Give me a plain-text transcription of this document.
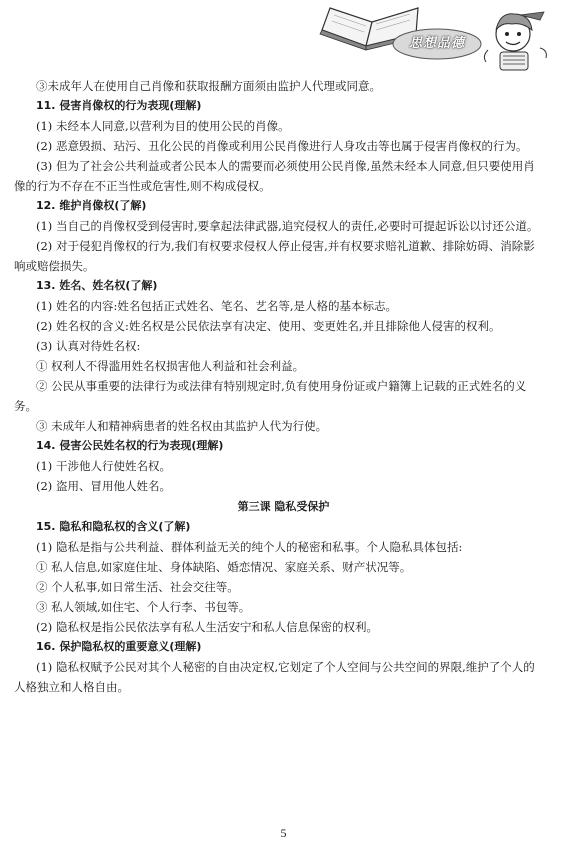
思想品德

③未成年人在使用自己肖像和获取报酬方面须由监护人代理或同意。

11. 侵害肖像权的行为表现(理解)

(1) 未经本人同意,以营利为目的使用公民的肖像。

(2) 恶意毁损、玷污、丑化公民的肖像或利用公民肖像进行人身攻击等也属于侵害肖像权的行为。

(3) 但为了社会公共利益或者公民本人的需要而必须使用公民肖像,虽然未经本人同意,但只要使用肖像的行为不存在不正当性或危害性,则不构成侵权。

12. 维护肖像权(了解)

(1) 当自己的肖像权受到侵害时,要拿起法律武器,追究侵权人的责任,必要时可提起诉讼以讨还公道。

(2) 对于侵犯肖像权的行为,我们有权要求侵权人停止侵害,并有权要求赔礼道歉、排除妨碍、消除影响或赔偿损失。

13. 姓名、姓名权(了解)

(1) 姓名的内容:姓名包括正式姓名、笔名、艺名等,是人格的基本标志。

(2) 姓名权的含义:姓名权是公民依法享有决定、使用、变更姓名,并且排除他人侵害的权利。

(3) 认真对待姓名权:

① 权利人不得滥用姓名权损害他人利益和社会利益。

② 公民从事重要的法律行为或法律有特别规定时,负有使用身份证或户籍簿上记载的正式姓名的义务。

③ 未成年人和精神病患者的姓名权由其监护人代为行使。

14. 侵害公民姓名权的行为表现(理解)

(1) 干涉他人行使姓名权。

(2) 盗用、冒用他人姓名。

第三课 隐私受保护

15. 隐私和隐私权的含义(了解)

(1) 隐私是指与公共利益、群体利益无关的纯个人的秘密和私事。个人隐私具体包括:

① 私人信息,如家庭住址、身体缺陷、婚恋情况、家庭关系、财产状况等。

② 个人私事,如日常生活、社会交往等。

③ 私人领域,如住宅、个人行李、书包等。

(2) 隐私权是指公民依法享有私人生活安宁和私人信息保密的权利。

16. 保护隐私权的重要意义(理解)

(1) 隐私权赋予公民对其个人秘密的自由决定权,它划定了个人空间与公共空间的界限,维护了个人的人格独立和人格自由。

5
